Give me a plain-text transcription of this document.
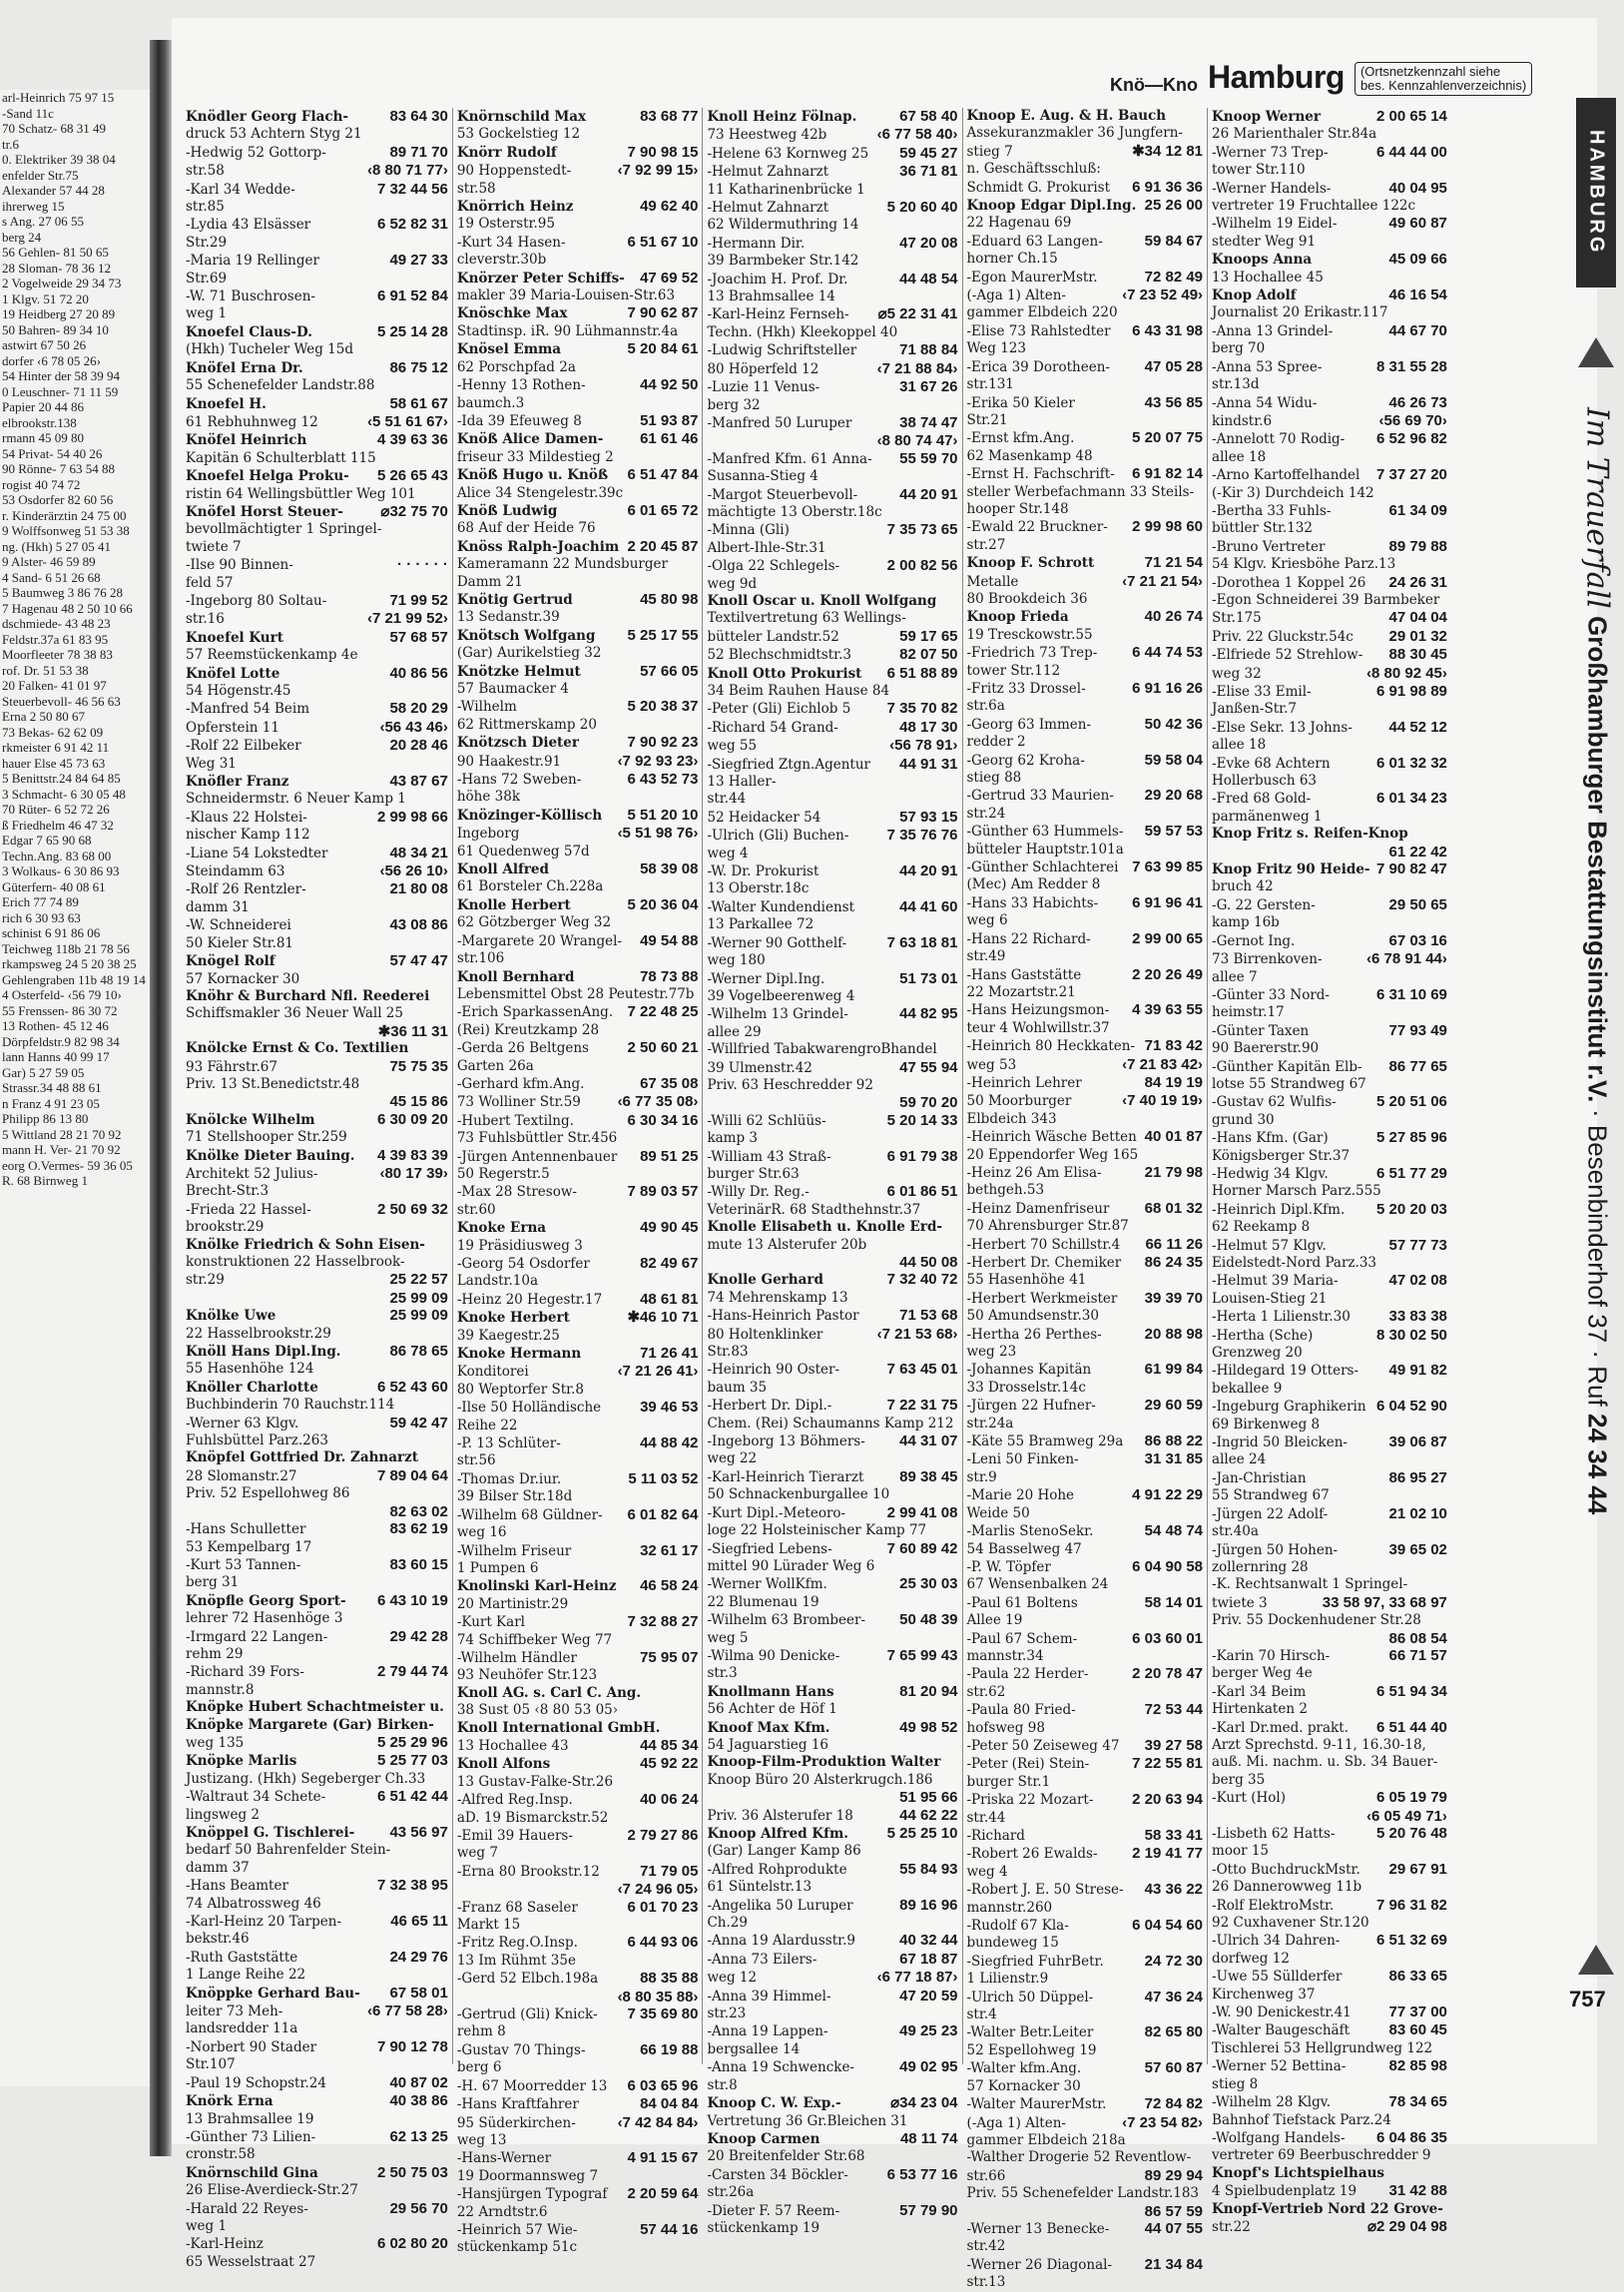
arl-Heinrich 75 97 15
-Sand 11c
70 Schatz- 68 31 49
tr.6
0. Elektriker 39 38 04
enfelder Str.75
Alexander 57 44 28
ihrerweg 15
s Ang. 27 06 55
berg 24
56 Gehlen- 81 50 65
28 Sloman- 78 36 12
2 Vogelweide 29 34 73
1 Klgv. 51 72 20
19 Heidberg 27 20 89
50 Bahren- 89 34 10
astwirt 67 50 26
dorfer ‹6 78 05 26›
54 Hinter der 58 39 94
0 Leuschner- 71 11 59
Papier 20 44 86
elbrookstr.138
rmann 45 09 80
54 Privat- 54 40 26
90 Rönne- 7 63 54 88
rogist 40 74 72
53 Osdorfer 82 60 56
r. Kinderärztin 24 75 00
9 Wolffsonweg 51 53 38
ng. (Hkh) 5 27 05 41
9 Alster- 46 59 89
4 Sand- 6 51 26 68
5 Baumweg 3 86 76 28
7 Hagenau 48 2 50 10 66
dschmiede- 43 48 23
Feldstr.37a 61 83 95
Moorfleeter 78 38 83
rof. Dr. 51 53 38
20 Falken- 41 01 97
Steuerbevoll- 46 56 63
Erna 2 50 80 67
73 Bekas- 62 62 09
rkmeister 6 91 42 11
hauer Else 45 73 63
5 Benittstr.24 84 64 85
3 Schmacht- 6 30 05 48
70 Rüter- 6 52 72 26
ß Friedhelm 46 47 32
Edgar 7 65 90 68
Techn.Ang. 83 68 00
3 Wolkaus- 6 30 86 93
Güterfern- 40 08 61
Erich 77 74 89
rich 6 30 93 63
schinist 6 91 86 06
Teichweg 118b 21 78 56
rkampsweg 24 5 20 38 25
Gehlengraben 11b 48 19 14
4 Osterfeld- ‹56 79 10›
55 Frenssen- 86 30 72
13 Rothen- 45 12 46
Dörpfeldstr.9 82 98 34
lann Hanns 40 99 17
Gar) 5 27 59 05
Strassr.34 48 88 61
n Franz 4 91 23 05
Philipp 86 13 80
5 Wittland 28 21 70 92
mann H. Ver- 21 70 92
eorg O.Vermes- 59 36 05
R. 68 Birnweg 1
Knö—Kno Hamburg	(Ortsnetzkennzahl siehe
bes. Kennzahlenverzeichnis)
Knödler Georg Flach-	83 64 30
druck 53 Achtern Styg 21
-Hedwig 52 Gottorp-	89 71 70
str.58	‹8 80 71 77›
-Karl 34 Wedde-	7 32 44 56
str.85
-Lydia 43 Elsässer	6 52 82 31
Str.29
-Maria 19 Rellinger	49 27 33
Str.69
-W. 71 Buschrosen-	6 91 52 84
weg 1
Knoefel Claus-D.	5 25 14 28
(Hkh) Tucheler Weg 15d
Knöfel Erna Dr.	86 75 12
55 Schenefelder Landstr.88
Knoefel H.	58 61 67
61 Rebhuhnweg 12	‹5 51 61 67›
Knöfel Heinrich	4 39 63 36
Kapitän 6 Schulterblatt 115
Knoefel Helga Proku- 5 26 65 43
ristin 64 Wellingsbüttler Weg 101
Knöfel Horst Steuer-	⌀32 75 70
bevollmächtigter 1 Springel-
twiete 7
-Ilse 90 Binnen-	· · · · · ·
feld 57
-Ingeborg 80 Soltau-	71 99 52
str.16	‹7 21 99 52›
Knoefel Kurt	57 68 57
57 Reemstückenkamp 4e
Knöfel Lotte	40 86 56
54 Högenstr.45
-Manfred 54 Beim	58 20 29
Opferstein 11	‹56 43 46›
-Rolf 22 Eilbeker	20 28 46
Weg 31
Knöfler Franz	43 87 67
Schneidermstr. 6 Neuer Kamp 1
-Klaus 22 Holstei-	2 99 98 66
nischer Kamp 112
-Liane 54 Lokstedter	48 34 21
Steindamm 63	‹56 26 10›
-Rolf 26 Rentzler-	21 80 08
damm 31
-W. Schneiderei	43 08 86
50 Kieler Str.81
Knögel Rolf	57 47 47
57 Kornacker 30
Knöhr & Burchard Nfl. Reederei
Schiffsmakler 36 Neuer Wall 25
✱36 11 31
Knölcke Ernst & Co. Textilien
93 Fährstr.67	75 75 35
Priv. 13 St.Benedictstr.48
45 15 86
Knölcke Wilhelm	6 30 09 20
71 Stellshooper Str.259
Knölke Dieter Bauing. 4 39 83 39
Architekt 52 Julius-	‹80 17 39›
Brecht-Str.3
-Frieda 22 Hassel-	2 50 69 32
brookstr.29
Knölke Friedrich & Sohn Eisen-
konstruktionen 22 Hasselbrook-
str.29	25 22 57
25 99 09
Knölke Uwe	25 99 09
22 Hasselbrookstr.29
Knöll Hans Dipl.Ing.	86 78 65
55 Hasenhöhe 124
Knöller Charlotte	6 52 43 60
Buchbinderin 70 Rauchstr.114
-Werner 63 Klgv.	59 42 47
Fuhlsbüttel Parz.263
Knöpfel Gottfried Dr. Zahnarzt
28 Slomanstr.27	7 89 04 64
Priv. 52 Espellohweg 86
82 63 02
-Hans Schulletter	83 62 19
53 Kempelbarg 17
-Kurt 53 Tannen-	83 60 15
berg 31
Knöpfle Georg Sport- 6 43 10 19
lehrer 72 Hasenhöge 3
-Irmgard 22 Langen-	29 42 28
rehm 29
-Richard 39 Fors-	2 79 44 74
mannstr.8
Knöpke Hubert Schachtmeister u.
Knöpke Margarete (Gar) Birken-
weg 135	5 25 29 96
Knöpke Marlis	5 25 77 03
Justizang. (Hkh) Segeberger Ch.33
-Waltraut 34 Schete-	6 51 42 44
lingsweg 2
Knöppel G. Tischlerei- 43 56 97
bedarf 50 Bahrenfelder Stein-
damm 37
-Hans Beamter	7 32 38 95
74 Albatrossweg 46
-Karl-Heinz 20 Tarpen-	46 65 11
bekstr.46
-Ruth Gaststätte	24 29 76
1 Lange Reihe 22
Knöppke Gerhard Bau- 67 58 01
leiter 73 Meh-	‹6 77 58 28›
landsredder 11a
-Norbert 90 Stader	7 90 12 78
Str.107
-Paul 19 Schopstr.24	40 87 02
Knörk Erna	40 38 86
13 Brahmsallee 19
-Günther 73 Lilien-	62 13 25
cronstr.58
Knörnschild Gina	2 50 75 03
26 Elise-Averdieck-Str.27
-Harald 22 Reyes-	29 56 70
weg 1
-Karl-Heinz	6 02 80 20
65 Wesselstraat 27
Knörnschild Max	83 68 77
53 Gockelstieg 12
Knörr Rudolf	7 90 98 15
90 Hoppenstedt-	‹7 92 99 15›
str.58
Knörrich Heinz	49 62 40
19 Osterstr.95
-Kurt 34 Hasen-	6 51 67 10
cleverstr.30b
Knörzer Peter Schiffs- 47 69 52
makler 39 Maria-Louisen-Str.63
Knöschke Max	7 90 62 87
Stadtinsp. iR. 90 Lühmannstr.4a
Knösel Emma	5 20 84 61
62 Porschpfad 2a
-Henny 13 Rothen-	44 92 50
baumch.3
-Ida 39 Efeuweg 8	51 93 87
Knöß Alice Damen- 61 61 46
friseur 33 Mildestieg 2
Knöß Hugo u. Knöß 6 51 47 84
Alice 34 Stengelestr.39c
Knöß Ludwig	6 01 65 72
68 Auf der Heide 76
Knöss Ralph-Joachim 2 20 45 87
Kameramann 22 Mundsburger
Damm 21
Knötig Gertrud	45 80 98
13 Sedanstr.39
Knötsch Wolfgang 5 25 17 55
(Gar) Aurikelstieg 32
Knötzke Helmut	57 66 05
57 Baumacker 4
-Wilhelm	5 20 38 37
62 Rittmerskamp 20
Knötzsch Dieter	7 90 92 23
90 Haakestr.91	‹7 92 93 23›
-Hans 72 Sweben-	6 43 52 73
höhe 38k
Knözinger-Köllisch 5 51 20 10
Ingeborg	‹5 51 98 76›
61 Quedenweg 57d
Knoll Alfred	58 39 08
61 Borsteler Ch.228a
Knolle Herbert	5 20 36 04
62 Götzberger Weg 32
-Margarete 20 Wrangel- 49 54 88
str.106
Knoll Bernhard	78 73 88
Lebensmittel Obst 28 Peutestr.77b
-Erich SparkassenAng. 7 22 48 25
(Rei) Kreutzkamp 28
-Gerda 26 Beltgens	2 50 60 21
Garten 26a
-Gerhard kfm.Ang.	67 35 08
73 Wolliner Str.59 ‹6 77 35 08›
-Hubert Textilng.	6 30 34 16
73 Fuhlsbüttler Str.456
-Jürgen Antennenbauer 89 51 25
50 Regerstr.5
-Max 28 Stresow-	7 89 03 57
str.60
Knoke Erna	49 90 45
19 Präsidiusweg 3
-Georg 54 Osdorfer	82 49 67
Landstr.10a
-Heinz 20 Hegestr.17	48 61 81
Knoke Herbert	✱46 10 71
39 Kaegestr.25
Knoke Hermann	71 26 41
Konditorei	‹7 21 26 41›
80 Weptorfer Str.8
-Ilse 50 Holländische	39 46 53
Reihe 22
-P. 13 Schlüter-	44 88 42
str.56
-Thomas Dr.iur.	5 11 03 52
39 Bilser Str.18d
-Wilhelm 68 Güldner- 6 01 82 64
weg 16
-Wilhelm Friseur	32 61 17
1 Pumpen 6
Knolinski Karl-Heinz 46 58 24
20 Martinistr.29
-Kurt Karl	7 32 88 27
74 Schiffbeker Weg 77
-Wilhelm Händler	75 95 07
93 Neuhöfer Str.123
Knoll AG. s. Carl C. Ang.
38 Sust 05 ‹8 80 53 05›
Knoll International GmbH.
13 Hochallee 43	44 85 34
Knoll Alfons	45 92 22
13 Gustav-Falke-Str.26
-Alfred Reg.Insp.	40 06 24
aD. 19 Bismarckstr.52
-Emil 39 Hauers-	2 79 27 86
weg 7
-Erna 80 Brookstr.12	71 79 05
‹7 24 96 05›
-Franz 68 Saseler	6 01 70 23
Markt 15
-Fritz Reg.O.Insp.	6 44 93 06
13 Im Rühmt 35e
-Gerd 52 Elbch.198a	88 35 88
‹8 80 35 88›
-Gertrud (Gli) Knick- 7 35 69 80
rehm 8
-Gustav 70 Things-	66 19 88
berg 6
-H. 67 Moorredder 13 6 03 65 96
-Hans Kraftfahrer	84 04 84
95 Süderkirchen-	‹7 42 84 84›
weg 13
-Hans-Werner	4 91 15 67
19 Doormannsweg 7
-Hansjürgen Typograf 2 20 59 64
22 Arndtstr.6
-Heinrich 57 Wie-	57 44 16
stückenkamp 51c
Knoll Heinz Fölnap.	67 58 40
73 Heestweg 42b	‹6 77 58 40›
-Helene 63 Kornweg 25 59 45 27
-Helmut Zahnarzt	36 71 81
11 Katharinenbrücke 1
-Helmut Zahnarzt	5 20 60 40
62 Wildermuthring 14
-Hermann Dir.	47 20 08
39 Barmbeker Str.142
-Joachim H. Prof. Dr.	44 48 54
13 Brahmsallee 14
-Karl-Heinz Fernseh- ⌀5 22 31 41
Techn. (Hkh) Kleekoppel 40
-Ludwig Schriftsteller	71 88 84
80 Höperfeld 12	‹7 21 88 84›
-Luzie 11 Venus-	31 67 26
berg 32
-Manfred 50 Luruper	38 74 47
‹8 80 74 47›
-Manfred Kfm. 61 Anna- 55 59 70
Susanna-Stieg 4
-Margot Steuerbevoll-	44 20 91
mächtigte 13 Oberstr.18c
-Minna (Gli)	7 35 73 65
Albert-Ihle-Str.31
-Olga 22 Schlegels-	2 00 82 56
weg 9d
Knoll Oscar u. Knoll Wolfgang
Textilvertretung 63 Wellings-
bütteler Landstr.52	59 17 65
52 Blechschmidtstr.3	82 07 50
Knoll Otto Prokurist 6 51 88 89
34 Beim Rauhen Hause 84
-Peter (Gli) Eichlob 5 7 35 70 82
-Richard 54 Grand-	48 17 30
weg 55	‹56 78 91›
-Siegfried Ztgn.Agentur 44 91 31
13 Haller-
str.44
52 Heidacker 54	57 93 15
-Ulrich (Gli) Buchen-	7 35 76 76
weg 4
-W. Dr. Prokurist	44 20 91
13 Oberstr.18c
-Walter Kundendienst	44 41 60
13 Parkallee 72
-Werner 90 Gotthelf-	7 63 18 81
weg 180
-Werner Dipl.Ing.	51 73 01
39 Vogelbeerenweg 4
-Wilhelm 13 Grindel-	44 82 95
allee 29
-Willfried TabakwarengroBhandel
39 Ulmenstr.42	47 55 94
Priv. 63 Heschredder 92
59 70 20
-Willi 62 Schlüüs-	5 20 14 33
kamp 3
-William 43 Straß-	6 91 79 38
burger Str.63
-Willy Dr. Reg.-	6 01 86 51
VeterinärR. 68 Stadthehnstr.37
Knolle Elisabeth u. Knolle Erd-
mute 13 Alsterufer 20b
44 50 08
Knolle Gerhard	7 32 40 72
74 Mehrenskamp 13
-Hans-Heinrich Pastor	71 53 68
80 Holtenklinker	‹7 21 53 68›
Str.83
-Heinrich 90 Oster-	7 63 45 01
baum 35
-Herbert Dr. Dipl.-	7 22 31 75
Chem. (Rei) Schaumanns Kamp 212
-Ingeborg 13 Böhmers- 44 31 07
weg 22
-Karl-Heinrich Tierarzt 89 38 45
50 Schnackenburgallee 10
-Kurt Dipl.-Meteoro-	2 99 41 08
loge 22 Holsteinischer Kamp 77
-Siegfried Lebens-	7 60 89 42
mittel 90 Lürader Weg 6
-Werner WollKfm.	25 30 03
22 Blumenau 19
-Wilhelm 63 Brombeer- 50 48 39
weg 5
-Wilma 90 Denicke-	7 65 99 43
str.3
Knollmann Hans	81 20 94
56 Achter de Höf 1
Knoof Max Kfm.	49 98 52
54 Jaguarstieg 16
Knoop-Film-Produktion Walter
Knoop Büro 20 Alsterkrugch.186
51 95 66
Priv. 36 Alsterufer 18	44 62 22
Knoop Alfred Kfm.	5 25 25 10
(Gar) Langer Kamp 86
-Alfred Rohprodukte	55 84 93
61 Süntelstr.13
-Angelika 50 Luruper	89 16 96
Ch.29
-Anna 19 Alardusstr.9	40 32 44
-Anna 73 Eilers-	67 18 87
weg 12	‹6 77 18 87›
-Anna 39 Himmel-	47 20 59
str.23
-Anna 19 Lappen-	49 25 23
bergsallee 14
-Anna 19 Schwencke-	49 02 95
str.8
Knoop C. W. Exp.-	⌀34 23 04
Vertretung 36 Gr.Bleichen 31
Knoop Carmen	48 11 74
20 Breitenfelder Str.68
-Carsten 34 Böckler-	6 53 77 16
str.26a
-Dieter F. 57 Reem-	57 79 90
stückenkamp 19
Knoop E. Aug. & H. Bauch
Assekuranzmakler 36 Jungfern-
stieg 7	✱34 12 81
n. Geschäftsschluß:
Schmidt G. Prokurist 6 91 36 36
Knoop Edgar Dipl.Ing. 25 26 00
22 Hagenau 69
-Eduard 63 Langen-	59 84 67
horner Ch.15
-Egon MaurerMstr.	72 82 49
(-Aga 1) Alten-	‹7 23 52 49›
gammer Elbdeich 220
-Elise 73 Rahlstedter 6 43 31 98
Weg 123
-Erica 39 Dorotheen- 47 05 28
str.131
-Erika 50 Kieler	43 56 85
Str.21
-Ernst kfm.Ang.	5 20 07 75
62 Masenkamp 48
-Ernst H. Fachschrift- 6 91 82 14
steller Werbefachmann 33 Steils-
hooper Str.148
-Ewald 22 Bruckner- 2 99 98 60
str.27
Knoop F. Schrott	71 21 54
Metalle	‹7 21 21 54›
80 Brookdeich 36
Knoop Frieda	40 26 74
19 Tresckowstr.55
-Friedrich 73 Trep- 6 44 74 53
tower Str.112
-Fritz 33 Drossel-	6 91 16 26
str.6a
-Georg 63 Immen-	50 42 36
redder 2
-Georg 62 Kroha-	59 58 04
stieg 88
-Gertrud 33 Maurien- 29 20 68
str.24
-Günther 63 Hummels- 59 57 53
bütteler Hauptstr.101a
-Günther Schlachterei 7 63 99 85
(Mec) Am Redder 8
-Hans 33 Habichts- 6 91 96 41
weg 6
-Hans 22 Richard-	2 99 00 65
str.49
-Hans Gaststätte	2 20 26 49
22 Mozartstr.21
-Hans Heizungsmon- 4 39 63 55
teur 4 Wohlwillstr.37
-Heinrich 80 Heckkaten- 71 83 42
weg 53	‹7 21 83 42›
-Heinrich Lehrer	84 19 19
50 Moorburger	‹7 40 19 19›
Elbdeich 343
-Heinrich Wäsche Betten 40 01 87
20 Eppendorfer Weg 165
-Heinz 26 Am Elisa-	21 79 98
bethgeh.53
-Heinz Damenfriseur 68 01 32
70 Ahrensburger Str.87
-Herbert 70 Schillstr.4 66 11 26
-Herbert Dr. Chemiker 86 24 35
55 Hasenhöhe 41
-Herbert Werkmeister 39 39 70
50 Amundsenstr.30
-Hertha 26 Perthes-	20 88 98
weg 23
-Johannes Kapitän	61 99 84
33 Drosselstr.14c
-Jürgen 22 Hufner-	29 60 59
str.24a
-Käte 55 Bramweg 29a 86 88 22
-Leni 50 Finken-	31 31 85
str.9
-Marie 20 Hohe	4 91 22 29
Weide 50
-Marlis StenoSekr.	54 48 74
54 Basselweg 47
-P. W. Töpfer	6 04 90 58
67 Wensenbalken 24
-Paul 61 Boltens	58 14 01
Allee 19
-Paul 67 Schem-	6 03 60 01
mannstr.34
-Paula 22 Herder-	2 20 78 47
str.62
-Paula 80 Fried-	72 53 44
hofsweg 98
-Peter 50 Zeiseweg 47 39 27 58
-Peter (Rei) Stein-	7 22 55 81
burger Str.1
-Priska 22 Mozart-	2 20 63 94
str.44
-Richard	58 33 41
-Robert 26 Ewalds- 2 19 41 77
weg 4
-Robert J. E. 50 Strese- 43 36 22
mannstr.260
-Rudolf 67 Kla-	6 04 54 60
bundeweg 15
-Siegfried FuhrBetr.	24 72 30
1 Lilienstr.9
-Ulrich 50 Düppel-	47 36 24
str.4
-Walter Betr.Leiter	82 65 80
52 Espellohweg 19
-Walter kfm.Ang.	57 60 87
57 Kornacker 30
-Walter MaurerMstr.	72 84 82
(-Aga 1) Alten-	‹7 23 54 82›
gammer Elbdeich 218a
-Walther Drogerie 52 Reventlow-
str.66	89 29 94
Priv. 55 Schenefelder Landstr.183
86 57 59
-Werner 13 Benecke- 44 07 55
str.42
-Werner 26 Diagonal- 21 34 84
str.13
Knoop Werner	2 00 65 14
26 Marienthaler Str.84a
-Werner 73 Trep-	6 44 44 00
tower Str.110
-Werner Handels-	40 04 95
vertreter 19 Fruchtallee 122c
-Wilhelm 19 Eidel-	49 60 87
stedter Weg 91
Knoops Anna	45 09 66
13 Hochallee 45
Knop Adolf	46 16 54
Journalist 20 Erikastr.117
-Anna 13 Grindel-	44 67 70
berg 70
-Anna 53 Spree-	8 31 55 28
str.13d
-Anna 54 Widu-	46 26 73
kindstr.6	‹56 69 70›
-Annelott 70 Rodig- 6 52 96 82
allee 18
-Arno Kartoffelhandel 7 37 27 20
(-Kir 3) Durchdeich 142
-Bertha 33 Fuhls-	61 34 09
büttler Str.132
-Bruno Vertreter	89 79 88
54 Klgv. Kriesböhe Parz.13
-Dorothea 1 Koppel 26 24 26 31
-Egon Schneiderei 39 Barmbeker
Str.175	47 04 04
Priv. 22 Gluckstr.54c 29 01 32
-Elfriede 52 Strehlow- 88 30 45
weg 32	‹8 80 92 45›
-Elise 33 Emil-	6 91 98 89
Janßen-Str.7
-Else Sekr. 13 Johns- 44 52 12
allee 18
-Evke 68 Achtern	6 01 32 32
Hollerbusch 63
-Fred 68 Gold-	6 01 34 23
parmänenweg 1
Knop Fritz s. Reifen-Knop
61 22 42
Knop Fritz 90 Heide- 7 90 82 47
bruch 42
-G. 22 Gersten-	29 50 65
kamp 16b
-Gernot Ing.	67 03 16
73 Birrenkoven-	‹6 78 91 44›
allee 7
-Günter 33 Nord-	6 31 10 69
heimstr.17
-Günter Taxen	77 93 49
90 Baererstr.90
-Günther Kapitän Elb- 86 77 65
lotse 55 Strandweg 67
-Gustav 62 Wulfis-	5 20 51 06
grund 30
-Hans Kfm. (Gar)	5 27 85 96
Königsberger Str.37
-Hedwig 34 Klgv.	6 51 77 29
Horner Marsch Parz.555
-Heinrich Dipl.Kfm. 5 20 20 03
62 Reekamp 8
-Helmut 57 Klgv.	57 77 73
Eidelstedt-Nord Parz.33
-Helmut 39 Maria-	47 02 08
Louisen-Stieg 21
-Herta 1 Lilienstr.30	33 83 38
-Hertha (Sche)	8 30 02 50
Grenzweg 20
-Hildegard 19 Otters- 49 91 82
bekallee 9
-Ingeburg Graphikerin 6 04 52 90
69 Birkenweg 8
-Ingrid 50 Bleicken-	39 06 87
allee 24
-Jan-Christian	86 95 27
55 Strandweg 67
-Jürgen 22 Adolf-	21 02 10
str.40a
-Jürgen 50 Hohen-	39 65 02
zollernring 28
-K. Rechtsanwalt 1 Springel-
twiete 3	33 58 97, 33 68 97
Priv. 55 Dockenhudener Str.28
86 08 54
-Karin 70 Hirsch-	66 71 57
berger Weg 4e
-Karl 34 Beim	6 51 94 34
Hirtenkaten 2
-Karl Dr.med. prakt. 6 51 44 40
Arzt Sprechstd. 9-11, 16.30-18,
auß. Mi. nachm. u. Sb. 34 Bauer-
berg 35
-Kurt (Hol)	6 05 19 79
‹6 05 49 71›
-Lisbeth 62 Hatts-	5 20 76 48
moor 15
-Otto BuchdruckMstr. 29 67 91
26 Dannerowweg 11b
-Rolf ElektroMstr.	7 96 31 82
92 Cuxhavener Str.120
-Ulrich 34 Dahren- 6 51 32 69
dorfweg 12
-Uwe 55 Süllderfer	86 33 65
Kirchenweg 37
-W. 90 Denickestr.41	77 37 00
-Walter Baugeschäft	83 60 45
Tischlerei 53 Hellgrundweg 122
-Werner 52 Bettina-	82 85 98
stieg 8
-Wilhelm 28 Klgv.	78 34 65
Bahnhof Tiefstack Parz.24
-Wolfgang Handels- 6 04 86 35
vertreter 69 Beerbuschredder 9
Knopf's Lichtspielhaus
4 Spielbudenplatz 19 31 42 88
Knopf-Vertrieb Nord 22 Grove-
str.22	⌀2 29 04 98
HAMBURG
Im Trauerfall

Großhamburger Bestattungsinstitut r.V.

· Besenbinderhof 37 · Ruf

24 34 44
757
